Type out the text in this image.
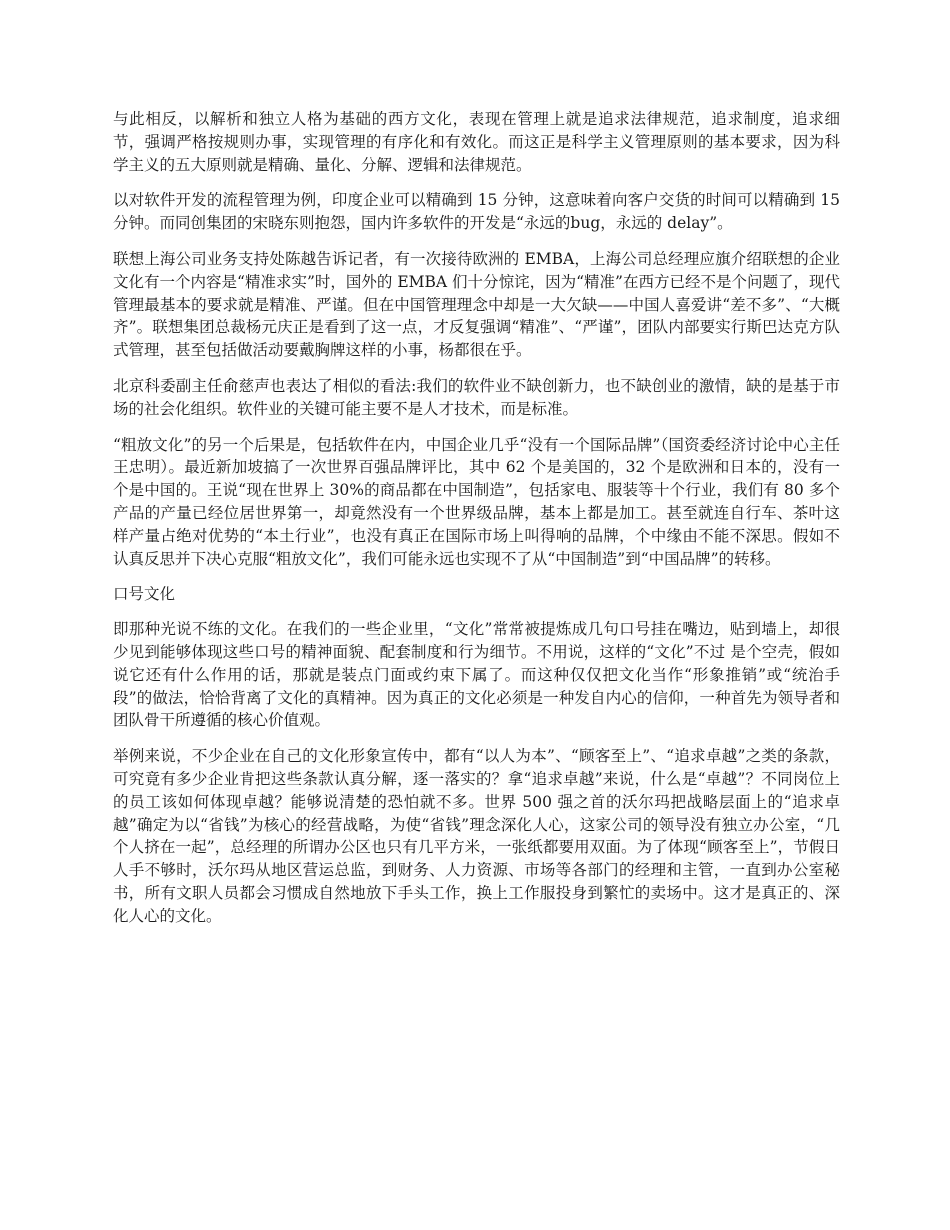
与此相反，以解析和独立人格为基础的西方文化，表现在管理上就是追求法律规范，追求制度，追求细节，强调严格按规则办事，实现管理的有序化和有效化。而这正是科学主义管理原则的基本要求，因为科学主义的五大原则就是精确、量化、分解、逻辑和法律规范。

以对软件开发的流程管理为例，印度企业可以精确到 15 分钟，这意味着向客户交货的时间可以精确到 15 分钟。而同创集团的宋晓东则抱怨，国内许多软件的开发是“永远的bug，永远的 delay”。

联想上海公司业务支持处陈越告诉记者，有一次接待欧洲的 EMBA，上海公司总经理应旗介绍联想的企业文化有一个内容是“精准求实”时，国外的 EMBA 们十分惊诧，因为“精准”在西方已经不是个问题了，现代管理最基本的要求就是精准、严谨。但在中国管理理念中却是一大欠缺——中国人喜爱讲“差不多”、“大概齐”。联想集团总裁杨元庆正是看到了这一点，才反复强调“精准”、“严谨”，团队内部要实行斯巴达克方队式管理，甚至包括做活动要戴胸牌这样的小事，杨都很在乎。

北京科委副主任俞慈声也表达了相似的看法:我们的软件业不缺创新力，也不缺创业的激情，缺的是基于市场的社会化组织。软件业的关键可能主要不是人才技术，而是标准。

“粗放文化”的另一个后果是，包括软件在内，中国企业几乎“没有一个国际品牌”（国资委经济讨论中心主任王忠明）。最近新加坡搞了一次世界百强品牌评比，其中 62 个是美国的，32 个是欧洲和日本的，没有一个是中国的。王说“现在世界上 30%的商品都在中国制造”，包括家电、服装等十个行业，我们有 80 多个产品的产量已经位居世界第一，却竟然没有一个世界级品牌，基本上都是加工。甚至就连自行车、茶叶这样产量占绝对优势的“本土行业”，也没有真正在国际市场上叫得响的品牌，个中缘由不能不深思。假如不认真反思并下决心克服“粗放文化”，我们可能永远也实现不了从“中国制造”到“中国品牌”的转移。

口号文化

即那种光说不练的文化。在我们的一些企业里，“文化”常常被提炼成几句口号挂在嘴边，贴到墙上，却很少见到能够体现这些口号的精神面貌、配套制度和行为细节。不用说，这样的“文化”不过 是个空壳，假如说它还有什么作用的话，那就是装点门面或约束下属了。而这种仅仅把文化当作“形象推销”或“统治手段”的做法，恰恰背离了文化的真精神。因为真正的文化必须是一种发自内心的信仰，一种首先为领导者和团队骨干所遵循的核心价值观。

举例来说，不少企业在自己的文化形象宣传中，都有“以人为本”、“顾客至上”、“追求卓越”之类的条款，可究竟有多少企业肯把这些条款认真分解，逐一落实的？拿“追求卓越”来说，什么是“卓越”？不同岗位上的员工该如何体现卓越？能够说清楚的恐怕就不多。世界 500 强之首的沃尔玛把战略层面上的“追求卓越”确定为以“省钱”为核心的经营战略，为使“省钱”理念深化人心，这家公司的领导没有独立办公室，“几个人挤在一起”，总经理的所谓办公区也只有几平方米，一张纸都要用双面。为了体现“顾客至上”，节假日人手不够时，沃尔玛从地区营运总监，到财务、人力资源、市场等各部门的经理和主管，一直到办公室秘书，所有文职人员都会习惯成自然地放下手头工作，换上工作服投身到繁忙的卖场中。这才是真正的、深化人心的文化。
